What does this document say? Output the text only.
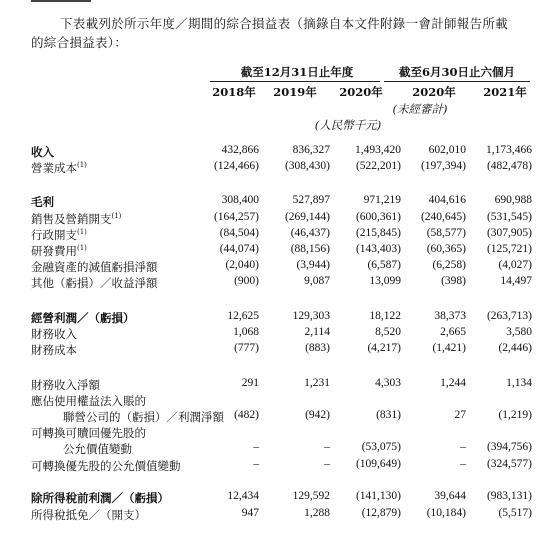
下表載列於所示年度／期間的綜合損益表（摘錄自本文件附錄一會計師報告所載
的綜合損益表）：
截至12月31日止年度	截至6月30日止六個月
2018年	2019年	2020年	2020年	2021年
(未經審計)
(人民幣千元)
收入	432,866	836,327	1,493,420	602,010	1,173,466
營業成本$^{(1)}$	(124,466)	(308,430)	(522,201)	(197,394)	(482,478)
毛利	308,400	527,897	971,219	404,616	690,988
銷售及營銷開支$^{(1)}$	(164,257)	(269,144)	(600,361)	(240,645)	(531,545)
行政開支$^{(1)}$	(84,504)	(46,437)	(215,845)	(58,577)	(307,905)
研發費用$^{(1)}$	(44,074)	(88,156)	(143,403)	(60,365)	(125,721)
金融資產的減值虧損淨額	(2,040)	(3,944)	(6,587)	(6,258)	(4,027)
其他（虧損）／收益淨額	(900)	9,087	13,099	(398)	14,497
經營利潤／（虧損）	12,625	129,303	18,122	38,373	(263,713)
財務收入	1,068	2,114	8,520	2,665	3,580
財務成本	(777)	(883)	(4,217)	(1,421)	(2,446)
財務收入淨額	291	1,231	4,303	1,244	1,134
應佔使用權益法入賬的
聯營公司的（虧損）／利潤淨額 (482)	(942)	(831)	27	(1,219)
可轉換可贖回優先股的
公允價值變動	–	–	(53,075)	–	(394,756)
可轉換優先股的公允價值變動	–	–	(109,649)	–	(324,577)
除所得稅前利潤／（虧損）	12,434	129,592	(141,130)	39,644	(983,131)
所得稅抵免／（開支）	947	1,288	(12,879)	(10,184)	(5,517)
